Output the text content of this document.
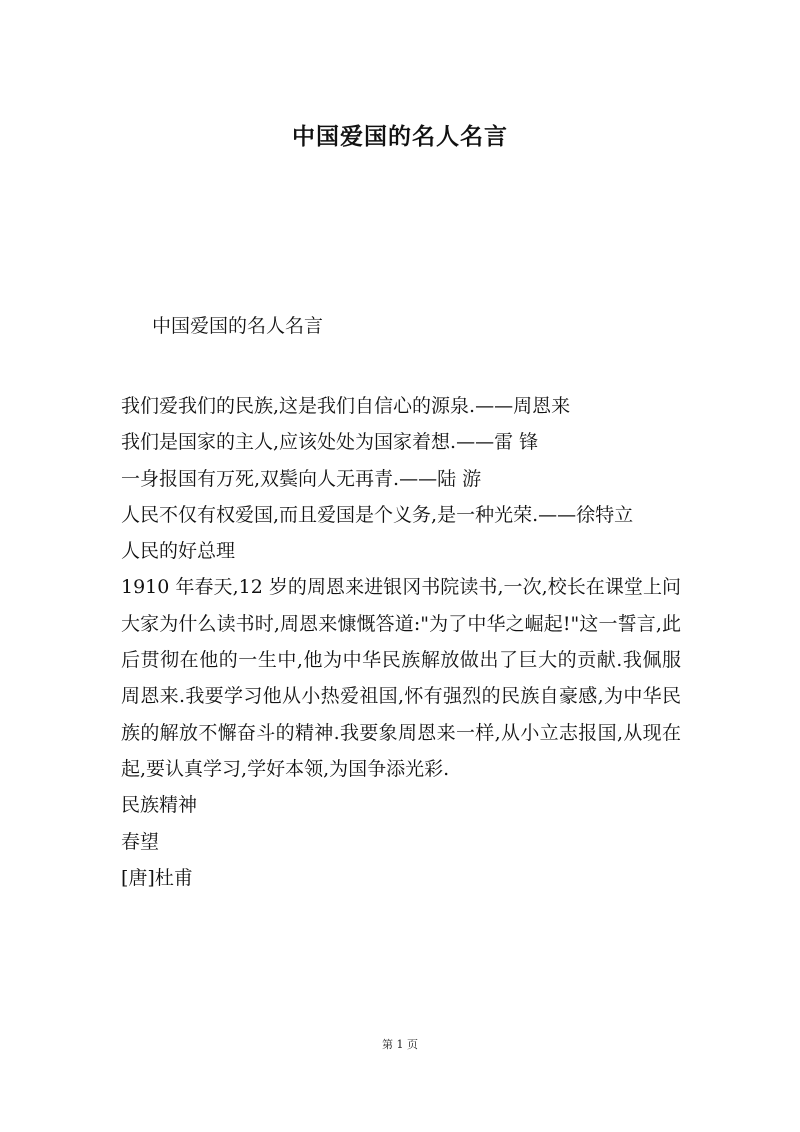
中国爱国的名人名言
中国爱国的名人名言

我们爱我们的民族,这是我们自信心的源泉.——周恩来

我们是国家的主人,应该处处为国家着想.——雷 锋

一身报国有万死,双鬓向人无再青.——陆 游

人民不仅有权爱国,而且爱国是个义务,是一种光荣.——徐特立

人民的好总理

1910 年春天,12 岁的周恩来进银冈书院读书,一次,校长在课堂上问大家为什么读书时,周恩来慷慨答道:"为了中华之崛起!"这一誓言,此后贯彻在他的一生中,他为中华民族解放做出了巨大的贡献.我佩服周恩来.我要学习他从小热爱祖国,怀有强烈的民族自豪感,为中华民族的解放不懈奋斗的精神.我要象周恩来一样,从小立志报国,从现在起,要认真学习,学好本领,为国争添光彩.

民族精神

春望

[唐]杜甫

第 1 页
